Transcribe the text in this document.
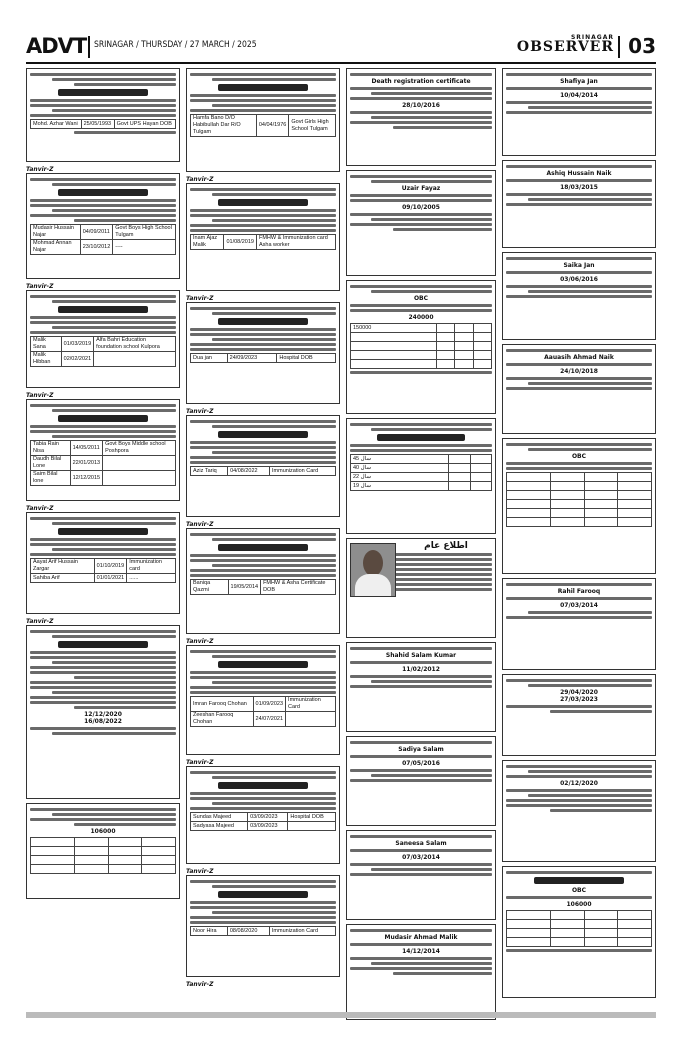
ADVT SRINAGAR / THURSDAY / 27 MARCH / 2025
SRINAGAR
OBSERVER 03
Mohd. Azhar Wani	25/05/1993	Govt UPS Hayan DOB
Tanvir-Z
Mudasir Hussain Najar	04/09/2011	Govt Boys High School Tulgam
Mohmad Annan Najar	23/10/2012	----
Tanvir-Z
Malik Sana	01/03/2019	Alfa Bahri Education foundation school Kulpora
Malik Hibban	02/02/2021	
Tanvir-Z
Tabia Rain Nisa	14/05/2011	Govt Boys Middle school Poshpora
Daudh Bilal Lone	22/01/2013	
Saim Bilal lone	12/12/2015	
Tanvir-Z
Aayat Arif Hussain Zargar	01/10/2019	Immunization card
Sahiba Arif	01/01/2021	......
Tanvir-Z
12/12/2020
16/08/2022
106000

Hamfa Bano D/O Habibullah Dar R/O Tulgam	04/04/1976	Govt Girls High School Tulgam
Tanvir-Z
Inam Ajaz Malik	01/08/2019	FMHW & Immunization card Asha worker
Tanvir-Z
Dua jan	24/09/2023	Hospital DOB
Tanvir-Z
Aziz Tariq	04/08/2022	Immunization Card
Tanvir-Z
Baniqa Qazmi	19/05/2014	FMHW & Asha Certificate DOB
Tanvir-Z
Imran Farooq Chohan	01/09/2023	Immunization Card
Zeeshan Farooq Chohan	24/07/2021	
Tanvir-Z
Sundas Majeed	03/09/2023	Hospital DOB
Sadyasa Majeed	03/09/2023	
Tanvir-Z
Noor Hira	08/08/2020	Immunization Card
Tanvir-Z
Death registration certificate
28/10/2016
Uzair Fayaz
09/10/2005
OBC
240000
150000			

45 سال		
40 سال		
22 سال		
19 سال		
اطلاع عام
Shahid Salam Kumar
11/02/2012
Sadiya Salam
07/05/2016
Saneesa Salam
07/03/2014
Mudasir Ahmad Malik
14/12/2014
Shafiya Jan
10/04/2014
Ashiq Hussain Naik
18/03/2015
Saika Jan
03/06/2016
Aauasih Ahmad Naik
24/10/2018
OBC

Rahil Farooq
07/03/2014
29/04/2020
27/03/2023
02/12/2020
OBC
106000
